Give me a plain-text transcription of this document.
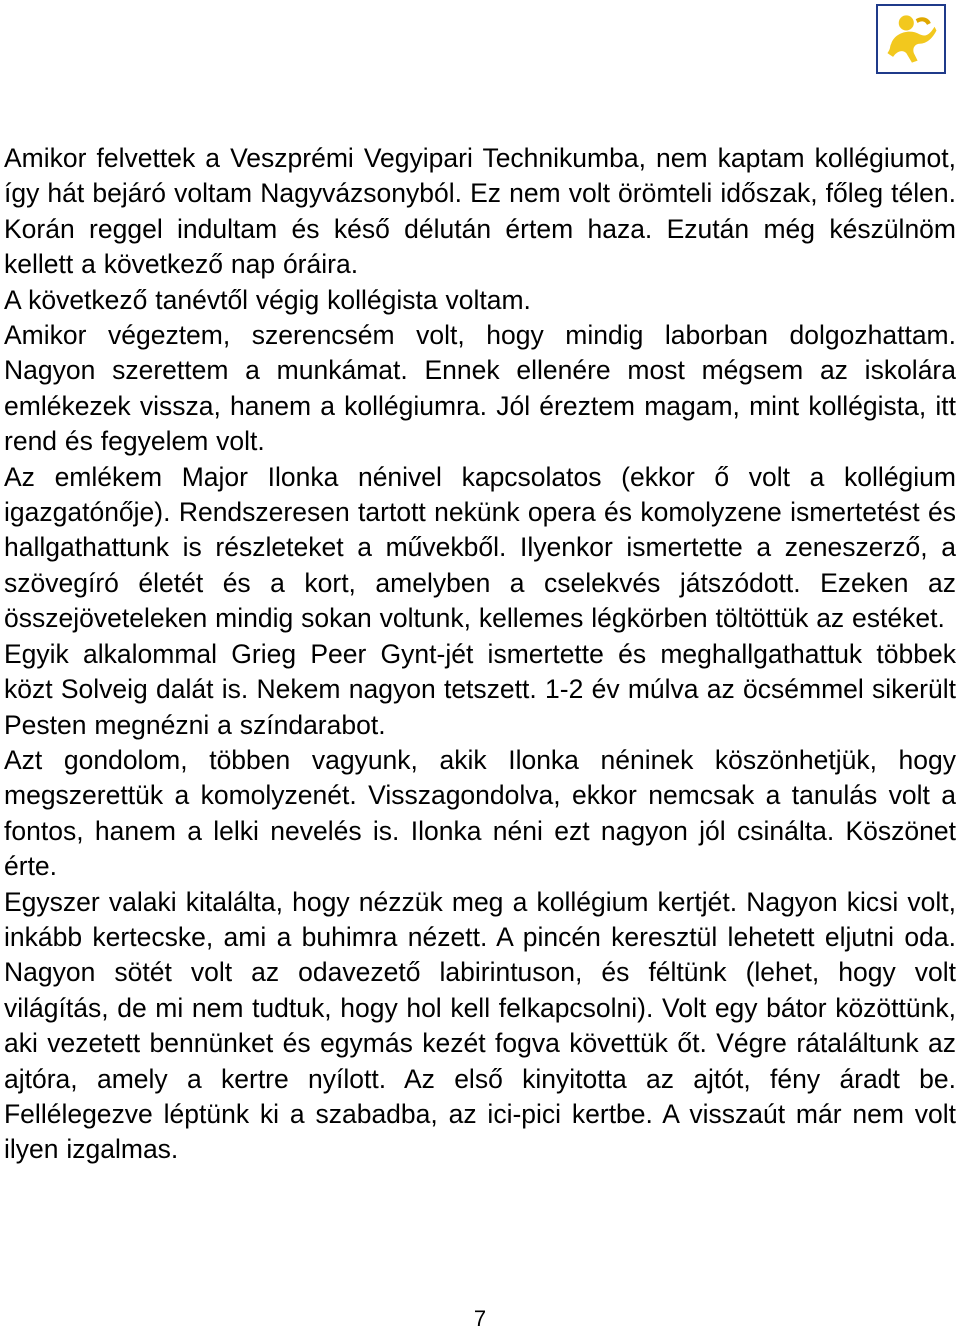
Amikor felvettek a Veszprémi Vegyipari Technikumba, nem kaptam kollégiumot, így hát bejáró voltam Nagyvázsonyból. Ez nem volt örömteli időszak, főleg télen. Korán reggel indultam és késő délután értem haza. Ezután még készülnöm kellett a következő nap óráira.

A következő tanévtől végig kollégista voltam.

Amikor végeztem, szerencsém volt, hogy mindig laborban dolgozhattam. Nagyon szerettem a munkámat. Ennek ellenére most mégsem az iskolára emlékezek vissza, hanem a kollégiumra. Jól éreztem magam, mint kollégista, itt rend és fegyelem volt.

Az emlékem Major Ilonka nénivel kapcsolatos (ekkor ő volt a kollégium igazgatónője). Rendszeresen tartott nekünk opera és komolyzene ismertetést és hallgathattunk is részleteket a művekből. Ilyenkor ismertette a zeneszerző, a szövegíró életét és a kort, amelyben a cselekvés játszódott. Ezeken az összejöveteleken mindig sokan voltunk, kellemes légkörben töltöttük az estéket.

Egyik alkalommal Grieg Peer Gynt-jét ismertette és meghallgathattuk többek közt Solveig dalát is. Nekem nagyon tetszett. 1-2 év múlva az öcsémmel sikerült Pesten megnézni a színdarabot.

Azt gondolom, többen vagyunk, akik Ilonka néninek köszönhetjük, hogy megszerettük a komolyzenét. Visszagondolva, ekkor nemcsak a tanulás volt a fontos, hanem a lelki nevelés is. Ilonka néni ezt nagyon jól csinálta. Köszönet érte.

Egyszer valaki kitalálta, hogy nézzük meg a kollégium kertjét. Nagyon kicsi volt, inkább kertecske, ami a buhimra nézett. A pincén keresztül lehetett eljutni oda. Nagyon sötét volt az odavezető labirintuson, és féltünk (lehet, hogy volt világítás, de mi nem tudtuk, hogy hol kell felkapcsolni). Volt egy bátor közöttünk, aki vezetett bennünket és egymás kezét fogva követtük őt. Végre rátaláltunk az ajtóra, amely a kertre nyílott. Az első kinyitotta az ajtót, fény áradt be. Fellélegezve léptünk ki a szabadba, az ici-pici kertbe. A visszaút már nem volt ilyen izgalmas.

7
